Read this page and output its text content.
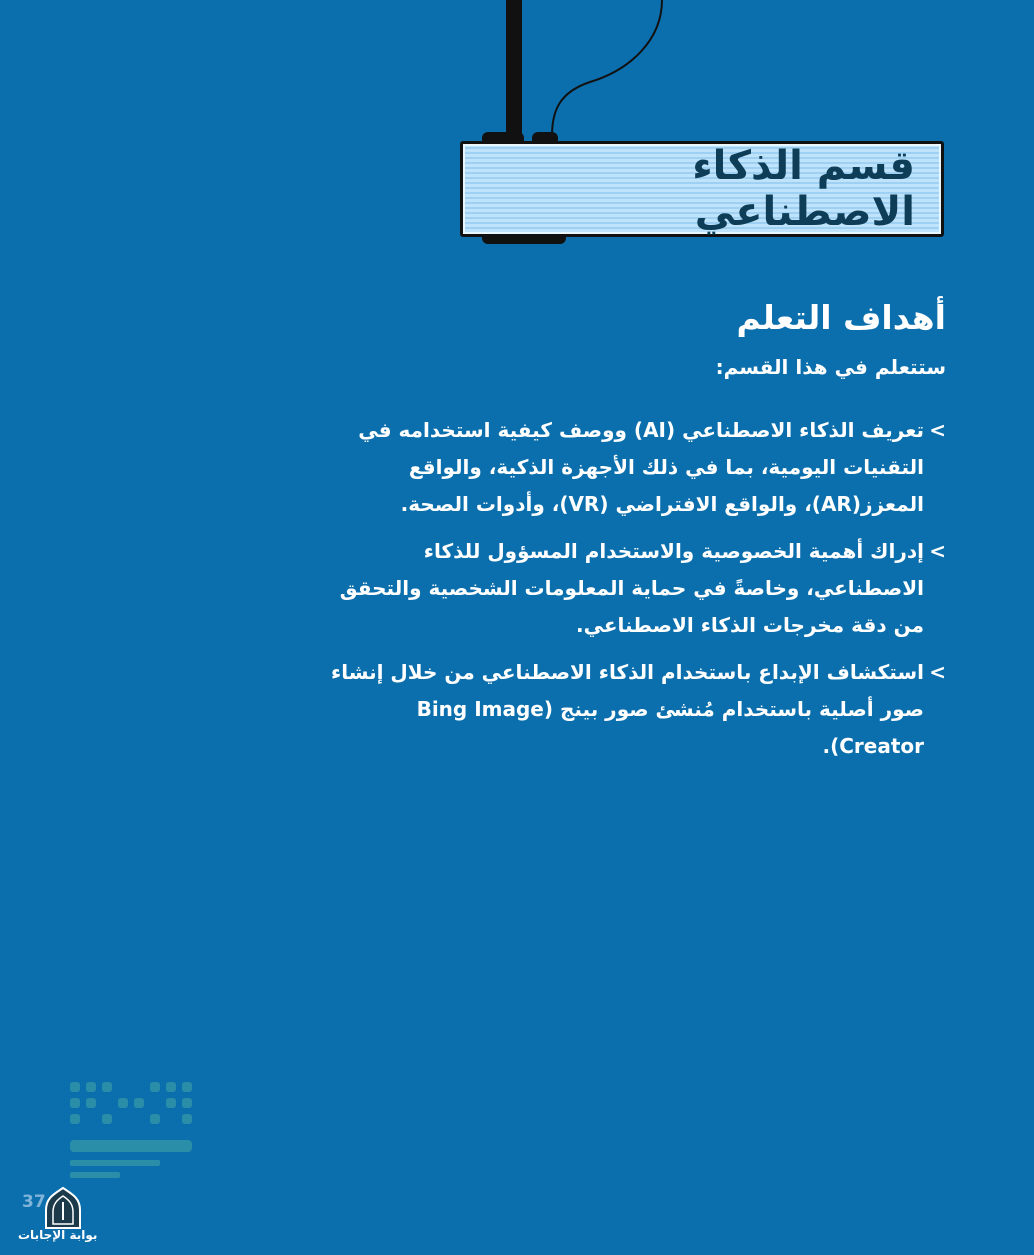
قسم الذكاء الاصطناعي
أهداف التعلم

ستتعلم في هذا القسم:

>
تعريف الذكاء الاصطناعي (AI) ووصف كيفية استخدامه في التقنيات اليومية، بما في ذلك الأجهزة الذكية، والواقع المعزز(AR)، والواقع الافتراضي (VR)، وأدوات الصحة.
>
إدراك أهمية الخصوصية والاستخدام المسؤول للذكاء الاصطناعي، وخاصةً في حماية المعلومات الشخصية والتحقق من دقة مخرجات الذكاء الاصطناعي.
>
استكشاف الإبداع باستخدام الذكاء الاصطناعي من خلال إنشاء صور أصلية باستخدام مُنشئ صور بينج (Bing Image Creator).
37
بوابة الإجابات
